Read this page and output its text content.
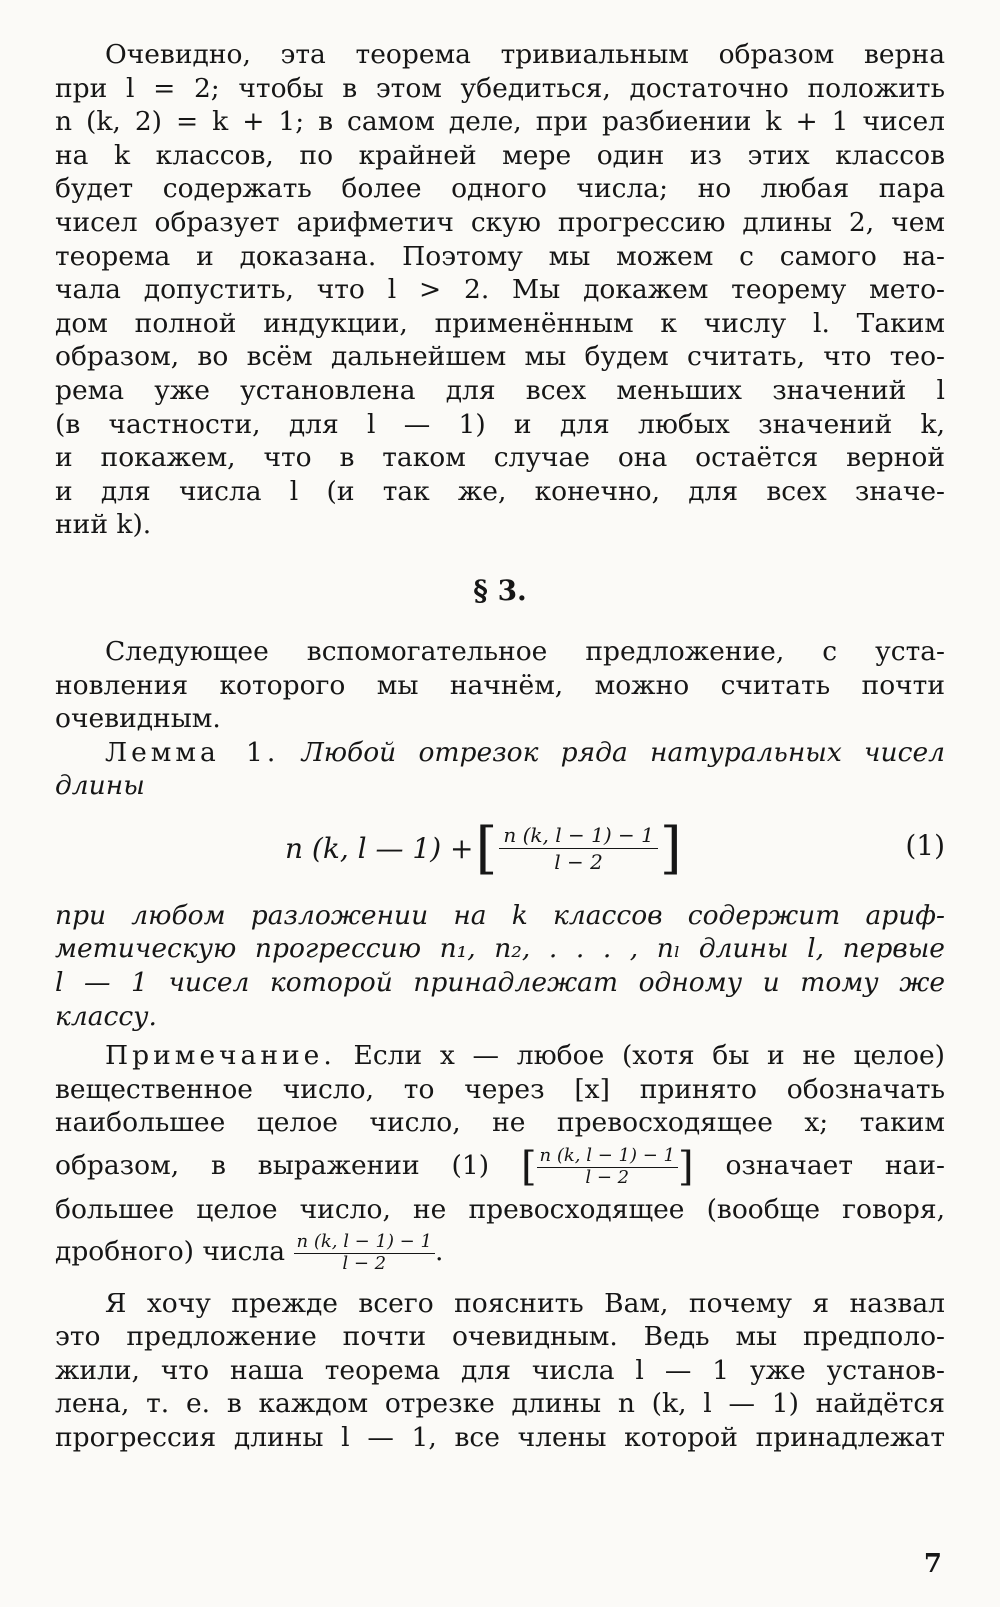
Очевидно, эта теорема тривиальным образом верна
при l = 2; чтобы в этом убедиться, достаточно положить
n (k, 2) = k + 1; в самом деле, при разбиении k + 1 чисел
на k классов, по крайней мере один из этих классов
будет содержать более одного числа; но любая пара
чисел образует арифметич скую прогрессию длины 2, чем
теорема и доказана. Поэтому мы можем с самого на-
чала допустить, что l > 2. Мы докажем теорему мето-
дом полной индукции, применённым к числу l. Таким
образом, во всём дальнейшем мы будем считать, что тео-
рема уже установлена для всех меньших значений l
(в частности, для l — 1) и для любых значений k,
и покажем, что в таком случае она остаётся верной
и для числа l (и так же, конечно, для всех значе-
ний k).
§ 3.
Следующее вспомогательное предложение, с уста-
новления которого мы начнём, можно считать почти
очевидным.
Лемма 1. Любой отрезок ряда натуральных чисел
длины
n (k, l — 1) + [ $\frac{n (k, l - 1) - 1}{l - 2}$ ]	(1)
при любом разложении на k классов содержит ариф-
метическую прогрессию n₁, n₂, . . . , nₗ длины l, первые
l — 1 чисел которой принадлежат одному и тому же
классу.
Примечание. Если x — любое (хотя бы и не целое)
вещественное число, то через [x] принято обозначать
наибольшее целое число, не превосходящее x; таким
образом, в выражении (1) [ $\frac{n (k, l - 1) - 1}{l - 2}$ ] означает наи-
большее целое число, не превосходящее (вообще говоря,
дробного) числа $\frac{n (k, l - 1) - 1}{l - 2}$ .
Я хочу прежде всего пояснить Вам, почему я назвал
это предложение почти очевидным. Ведь мы предполо-
жили, что наша теорема для числа l — 1 уже установ-
лена, т. е. в каждом отрезке длины n (k, l — 1) найдётся
прогрессия длины l — 1, все члены которой принадлежат
7
